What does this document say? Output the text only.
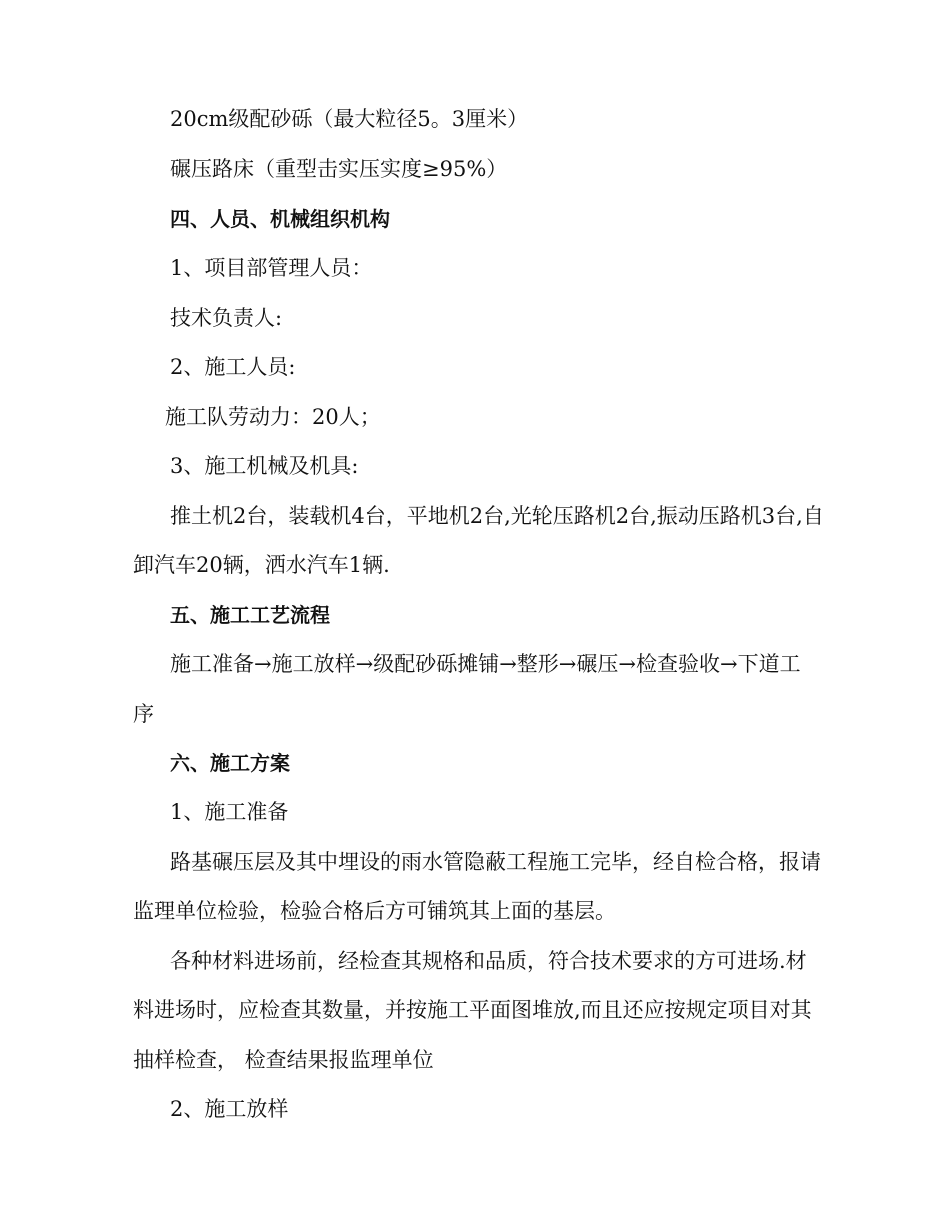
20cm级配砂砾（最大粒径5。3厘米）
碾压路床（重型击实压实度≥95%）
四、人员、机械组织机构
1、项目部管理人员：
技术负责人:
2、施工人员:
施工队劳动力：20人；
3、施工机械及机具:
推土机2台，装载机4台，平地机2台,光轮压路机2台,振动压路机3台,自
卸汽车20辆，洒水汽车1辆.
五、施工工艺流程
施工准备→施工放样→级配砂砾摊铺→整形→碾压→检查验收→下道工
序
六、施工方案
1、施工准备
路基碾压层及其中埋设的雨水管隐蔽工程施工完毕，经自检合格，报请
监理单位检验，检验合格后方可铺筑其上面的基层。
各种材料进场前，经检查其规格和品质，符合技术要求的方可进场.材
料进场时，应检查其数量，并按施工平面图堆放,而且还应按规定项目对其
抽样检查， 检查结果报监理单位
2、施工放样
